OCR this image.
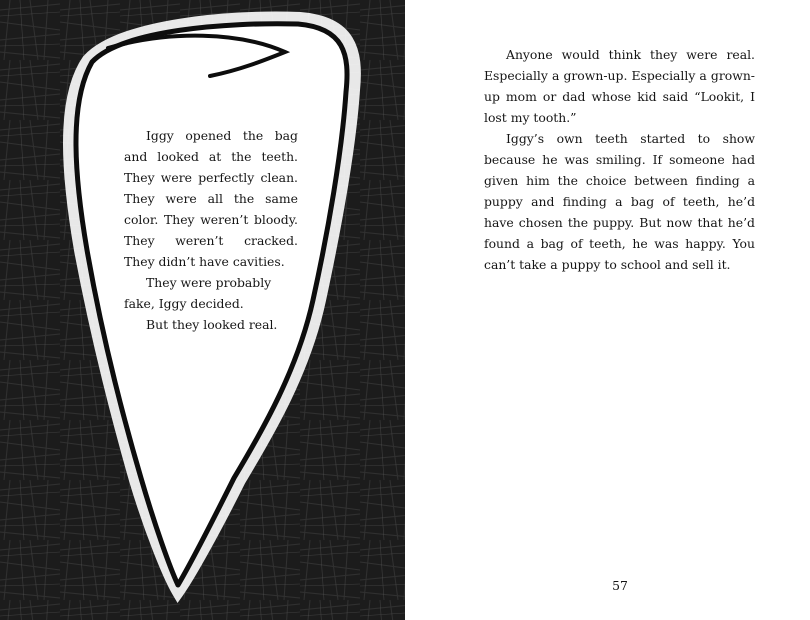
Iggy opened the bag and looked at the teeth. They were perfectly clean. They were all the same color. They weren’t bloody. They weren’t cracked. They didn’t have cavities.

They were probably fake, Iggy decided.

But they looked real.

Anyone would think they were real. Especially a grown-up. Especially a grown-up mom or dad whose kid said “Lookit, I lost my tooth.”

Iggy’s own teeth started to show because he was smiling. If someone had given him the choice between finding a puppy and finding a bag of teeth, he’d have chosen the puppy. But now that he’d found a bag of teeth, he was happy. You can’t take a puppy to school and sell it.

57
